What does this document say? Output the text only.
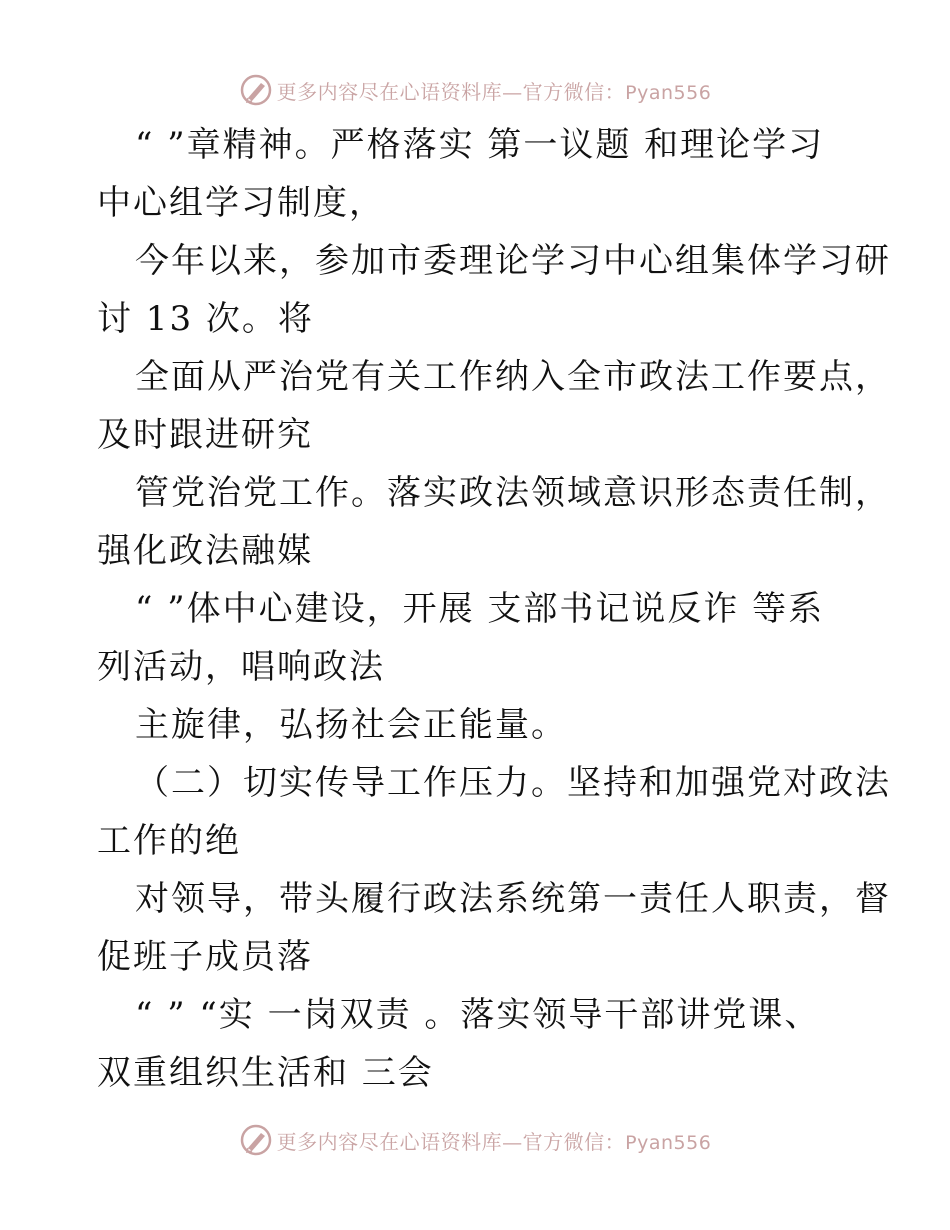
更多内容尽在心语资料库—官方微信：Pyan556
“ ”章精神。严格落实 第一议题 和理论学习
中心组学习制度，
今年以来，参加市委理论学习中心组集体学习研
讨 13 次。将
全面从严治党有关工作纳入全市政法工作要点，
及时跟进研究
管党治党工作。落实政法领域意识形态责任制，
强化政法融媒
“ ”体中心建设，开展 支部书记说反诈 等系
列活动，唱响政法
主旋律，弘扬社会正能量。
（二）切实传导工作压力。坚持和加强党对政法
工作的绝
对领导，带头履行政法系统第一责任人职责，督
促班子成员落
“ ” “实 一岗双责 。落实领导干部讲党课、
双重组织生活和 三会
更多内容尽在心语资料库—官方微信：Pyan556
